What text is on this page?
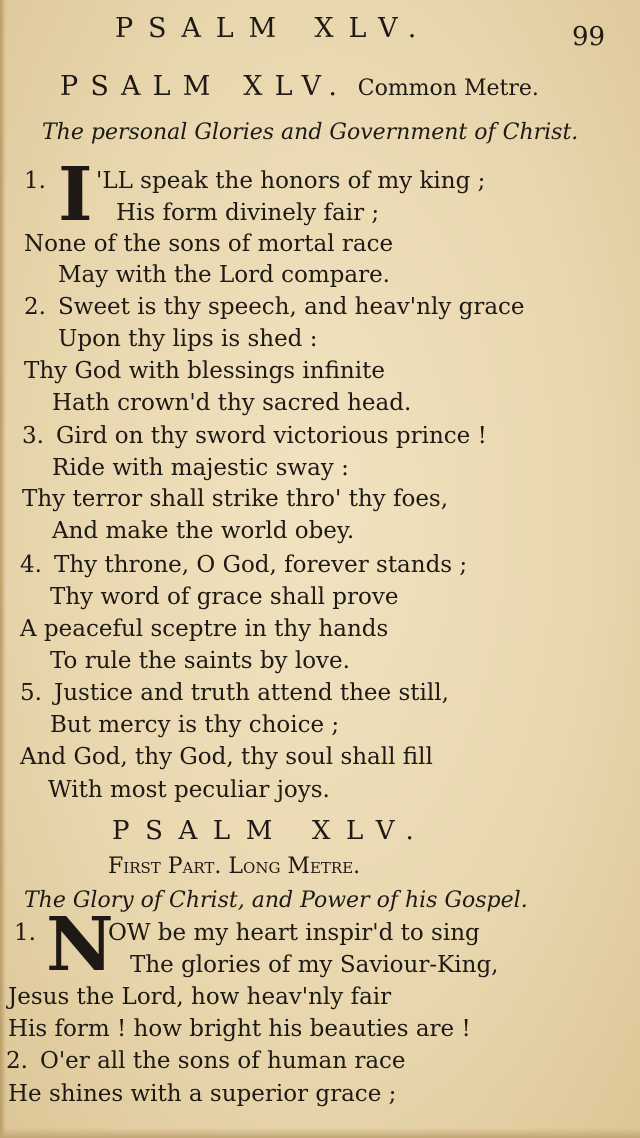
PSALM XLV.	99
PSALM XLV. Common Metre.
The personal Glories and Government of Christ.
1. I 'LL speak the honors of my king ;
His form divinely fair ;
None of the sons of mortal race
May with the Lord compare.
2. Sweet is thy speech, and heav'nly grace
Upon thy lips is shed :
Thy God with blessings infinite
Hath crown'd thy sacred head.
3. Gird on thy sword victorious prince !
Ride with majestic sway :
Thy terror shall strike thro' thy foes,
And make the world obey.
4. Thy throne, O God, forever stands ;
Thy word of grace shall prove
A peaceful sceptre in thy hands
To rule the saints by love.
5. Justice and truth attend thee still,
But mercy is thy choice ;
And God, thy God, thy soul shall fill
With most peculiar joys.
PSALM XLV.
First Part. Long Metre.
The Glory of Christ, and Power of his Gospel.
1. N
OW be my heart inspir'd to sing
The glories of my Saviour-King,
Jesus the Lord, how heav'nly fair
His form ! how bright his beauties are !
2. O'er all the sons of human race
He shines with a superior grace ;
